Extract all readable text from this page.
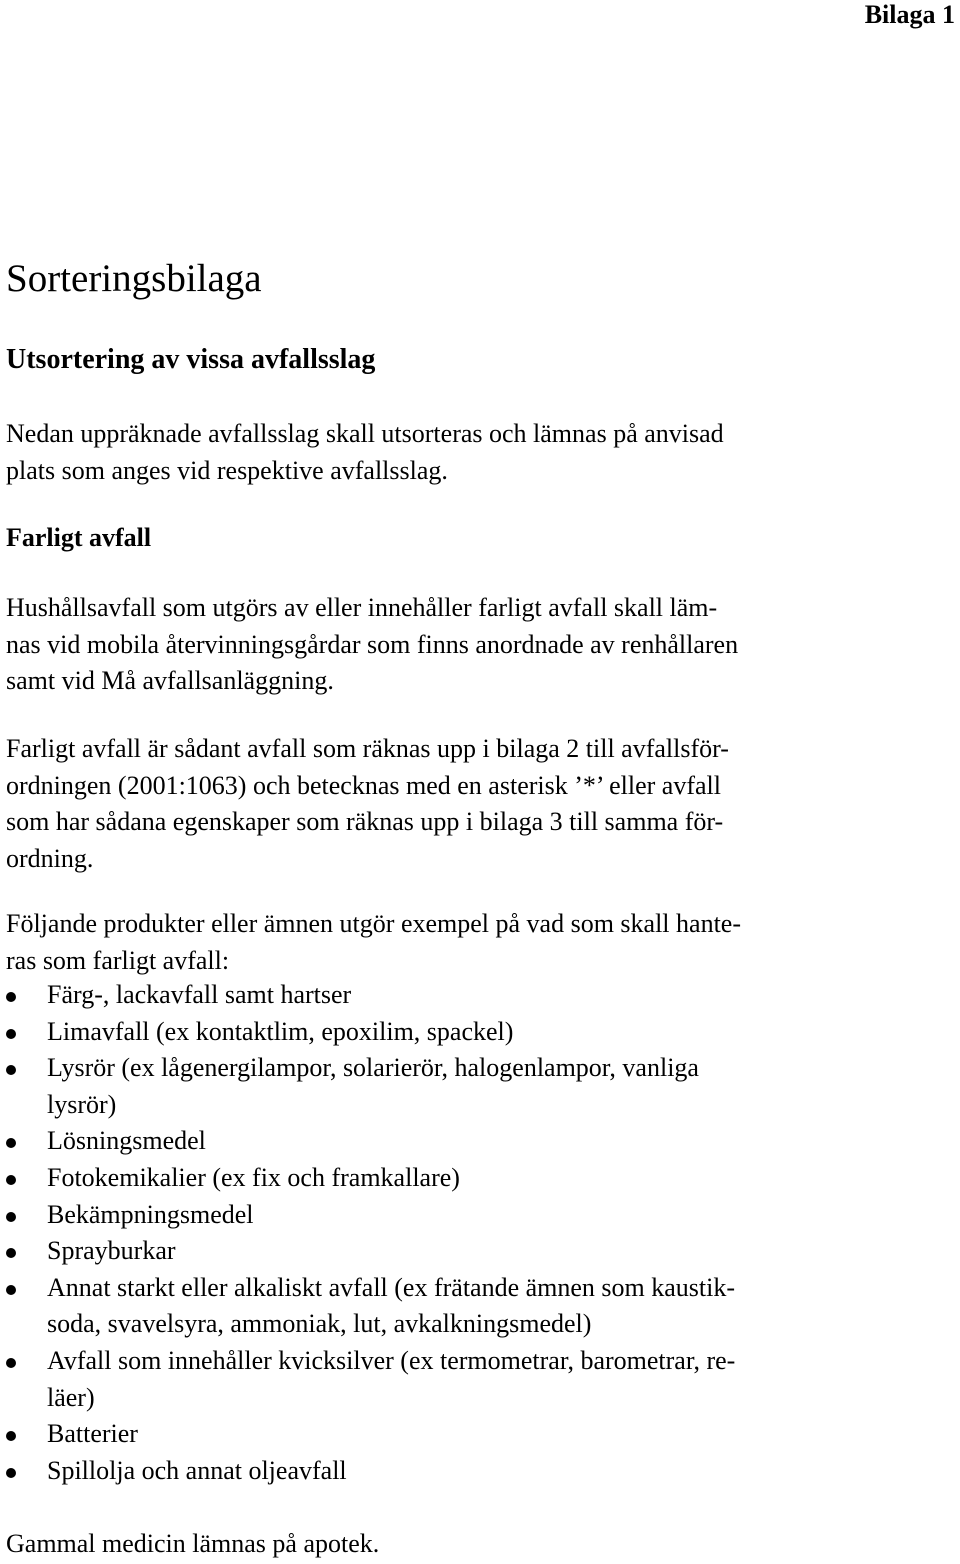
Bilaga 1
Sorteringsbilaga
Utsortering av vissa avfallsslag

Nedan uppräknade avfallsslag skall utsorteras och lämnas på anvisad
plats som anges vid respektive avfallsslag.

Farligt avfall

Hushållsavfall som utgörs av eller innehåller farligt avfall skall läm-
nas vid mobila återvinningsgårdar som finns anordnade av renhållaren
samt vid Må avfallsanläggning.

Farligt avfall är sådant avfall som räknas upp i bilaga 2 till avfallsför-
ordningen (2001:1063) och betecknas med en asterisk ’*’ eller avfall
som har sådana egenskaper som räknas upp i bilaga 3 till samma för-
ordning.

Följande produkter eller ämnen utgör exempel på vad som skall hante-
ras som farligt avfall:

Färg-, lackavfall samt hartser
Limavfall (ex kontaktlim, epoxilim, spackel)
Lysrör (ex lågenergilampor, solarierör, halogenlampor, vanliga
lysrör)
Lösningsmedel
Fotokemikalier (ex fix och framkallare)
Bekämpningsmedel
Sprayburkar
Annat starkt eller alkaliskt avfall (ex frätande ämnen som kaustik-
soda, svavelsyra, ammoniak, lut, avkalkningsmedel)
Avfall som innehåller kvicksilver (ex termometrar, barometrar, re-
läer)
Batterier
Spillolja och annat oljeavfall

Gammal medicin lämnas på apotek.
